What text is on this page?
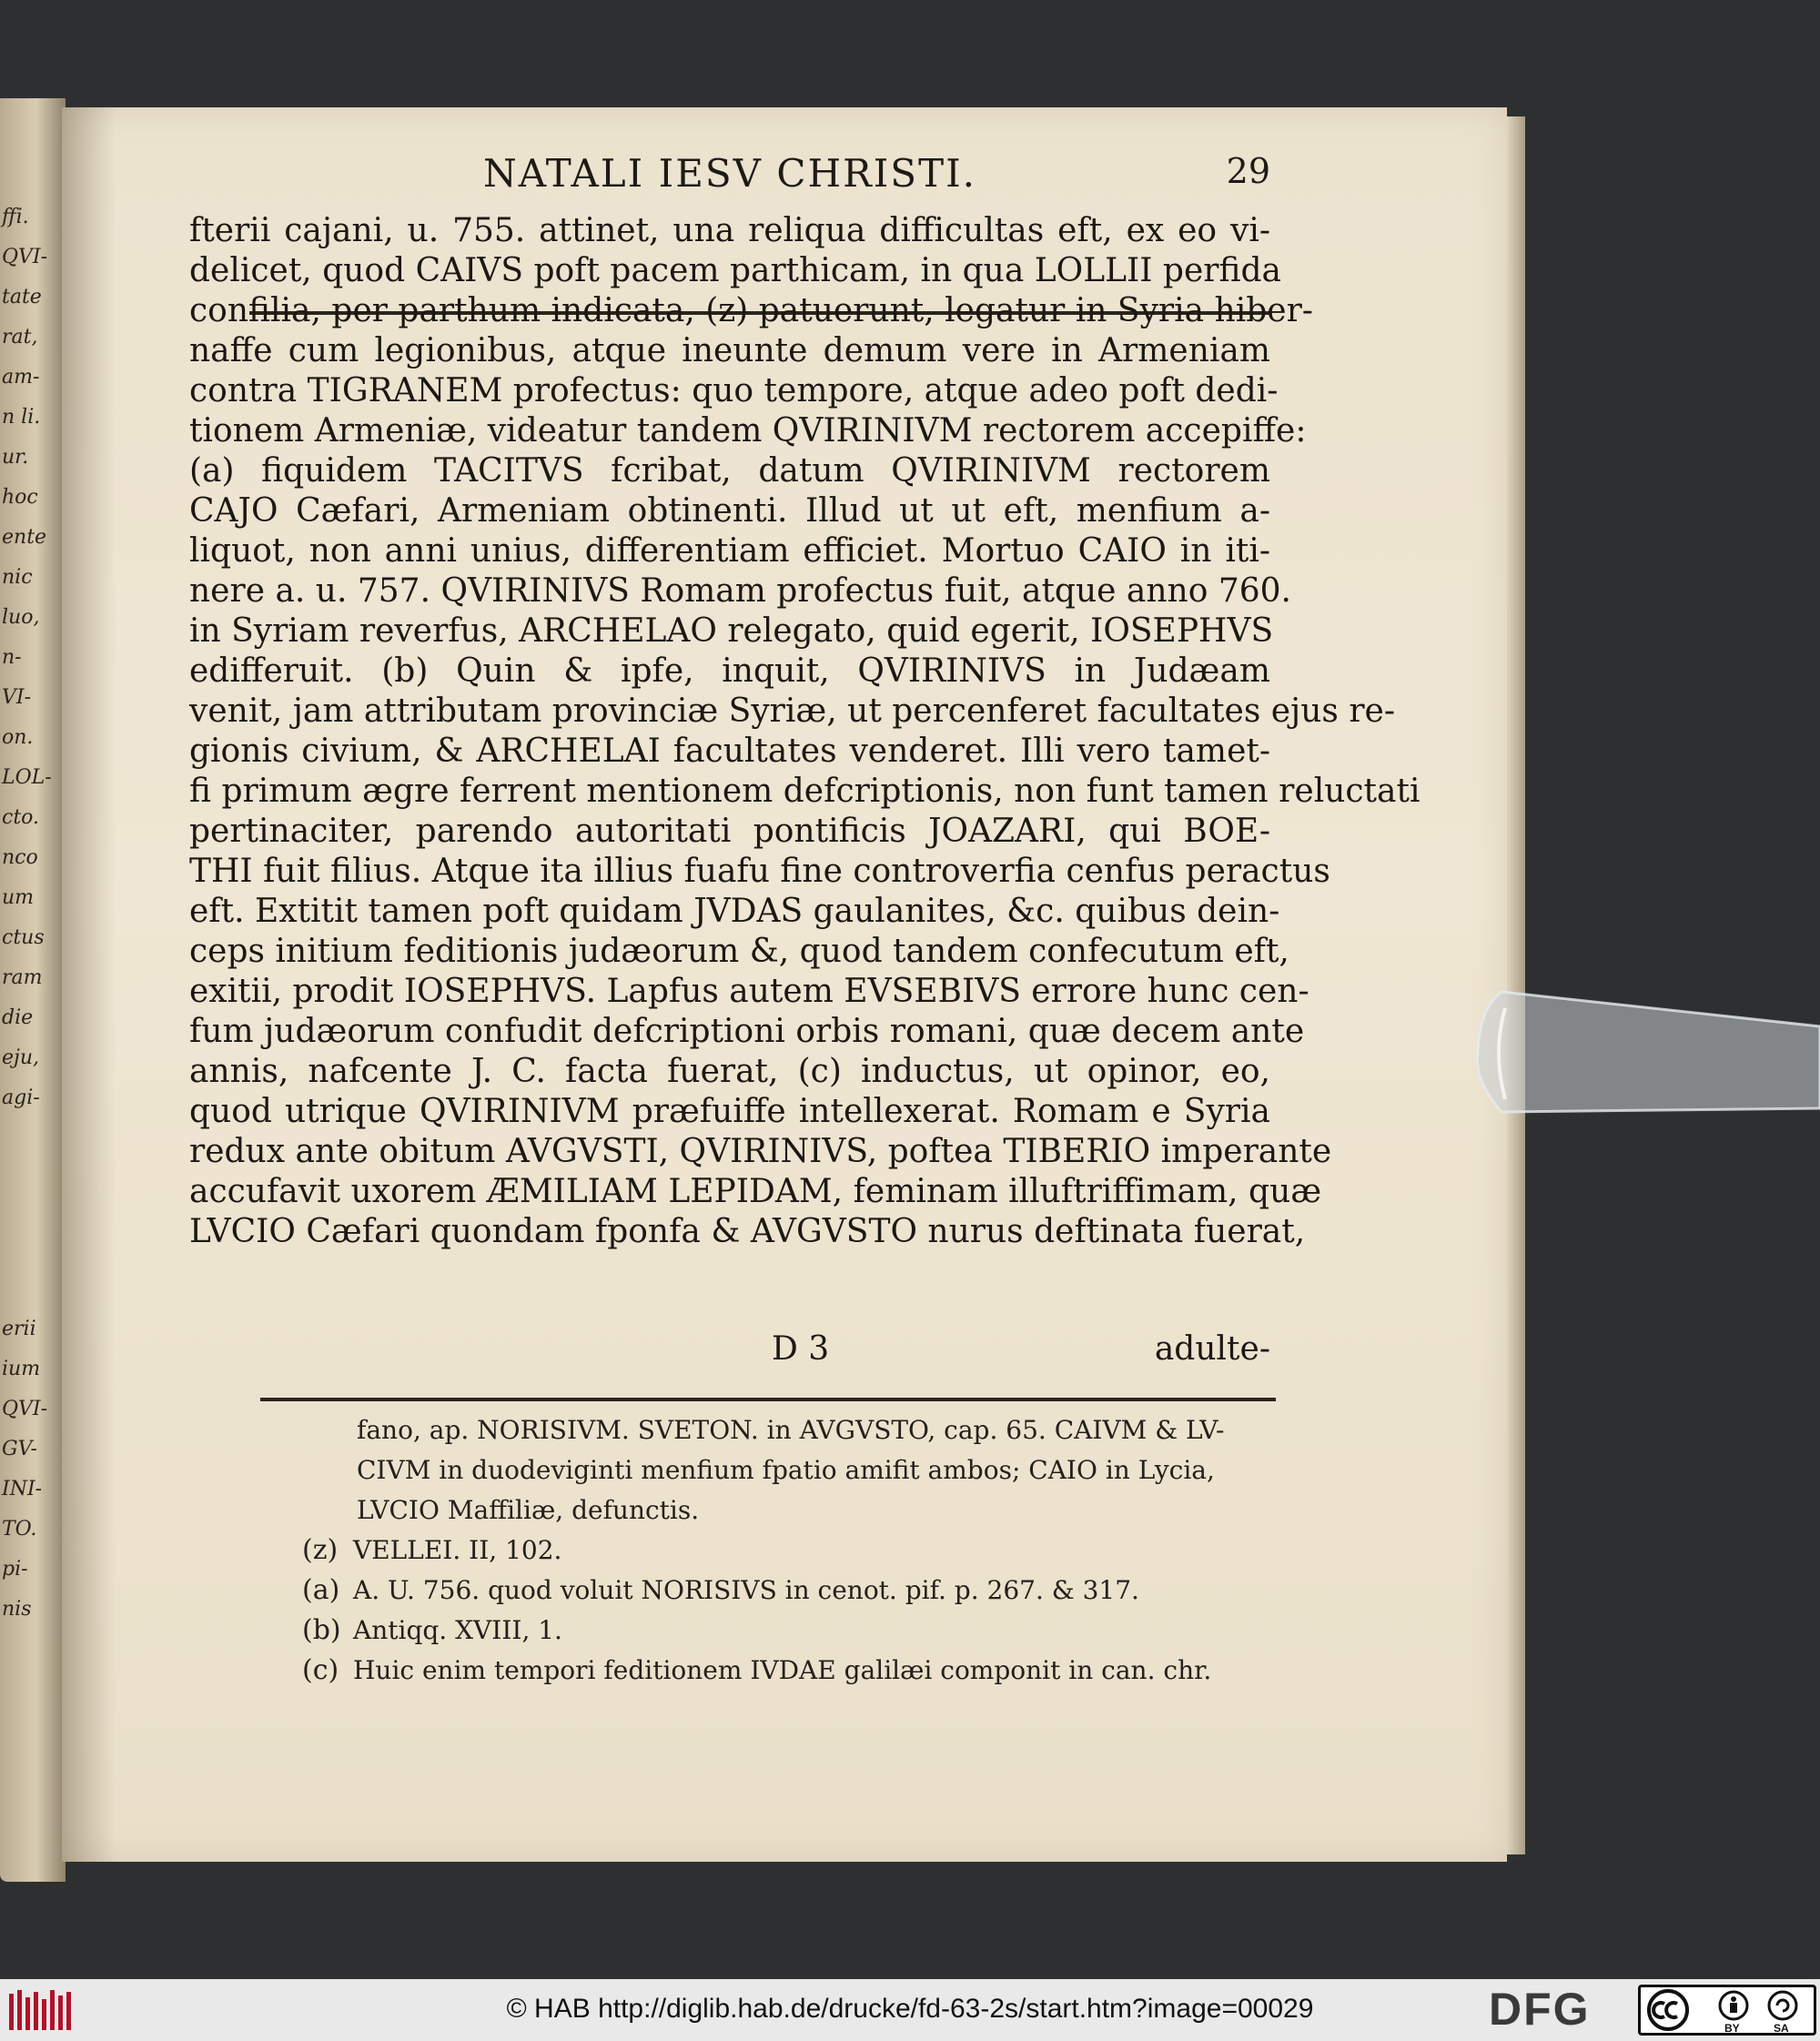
ffi.
QVI-
tate
rat,
am-
n li.
ur.
hoc
ente
nic
luo,
n-
VI-
on.
LOL-
cto.
nco
um
ctus
ram
die
eju,
agi-
erii
ium
QVI-
GV-
INI-
TO.
pi-
nis
NATALI IESV CHRISTI.	29
fterii cajani, u. 755. attinet, una reliqua difficultas eft, ex eo vi-
delicet, quod CAIVS poft pacem parthicam, in qua LOLLII perfida
confilia, per parthum indicata, (z) patuerunt, legatur in Syria hiber-
naffe cum legionibus, atque ineunte demum vere in Armeniam
contra TIGRANEM profectus: quo tempore, atque adeo poft dedi-
tionem Armeniæ, videatur tandem QVIRINIVM rectorem accepiffe:
(a) fiquidem TACITVS fcribat, datum QVIRINIVM rectorem
CAJO Cæfari, Armeniam obtinenti. Illud ut ut eft, menfium a-
liquot, non anni unius, differentiam efficiet. Mortuo CAIO in iti-
nere a. u. 757. QVIRINIVS Romam profectus fuit, atque anno 760.
in Syriam reverfus, ARCHELAO relegato, quid egerit, IOSEPHVS
edifferuit. (b) Quin & ipfe, inquit, QVIRINIVS in Judæam
venit, jam attributam provinciæ Syriæ, ut percenferet facultates ejus re-
gionis civium, & ARCHELAI facultates venderet. Illi vero tamet-
fi primum ægre ferrent mentionem defcriptionis, non funt tamen reluctati
pertinaciter, parendo autoritati pontificis JOAZARI, qui BOE-
THI fuit filius. Atque ita illius fuafu fine controverfia cenfus peractus
eft. Extitit tamen poft quidam JVDAS gaulanites, &c. quibus dein-
ceps initium feditionis judæorum &, quod tandem confecutum eft,
exitii, prodit IOSEPHVS. Lapfus autem EVSEBIVS errore hunc cen-
fum judæorum confudit defcriptioni orbis romani, quæ decem ante
annis, nafcente J. C. facta fuerat, (c) inductus, ut opinor, eo,
quod utrique QVIRINIVM præfuiffe intellexerat. Romam e Syria
redux ante obitum AVGVSTI, QVIRINIVS, poftea TIBERIO imperante
accufavit uxorem ÆMILIAM LEPIDAM, feminam illuftriffimam, quæ
LVCIO Cæfari quondam fponfa & AVGVSTO nurus deftinata fuerat,
D 3	adulte-
fano, ap. NORISIVM. SVETON. in AVGVSTO, cap. 65. CAIVM & LV-
CIVM in duodeviginti menfium fpatio amifit ambos; CAIO in Lycia,
LVCIO Maffiliæ, defunctis.
(z) VELLEI. II, 102.
(a) A. U. 756. quod voluit NORISIVS in cenot. pif. p. 267. & 317.
(b) Antiqq. XVIII, 1.
(c) Huic enim tempori feditionem IVDAE galilæi componit in can. chr.
© HAB http://diglib.hab.de/drucke/fd-63-2s/start.htm?image=00029	DFG	BY	SA
